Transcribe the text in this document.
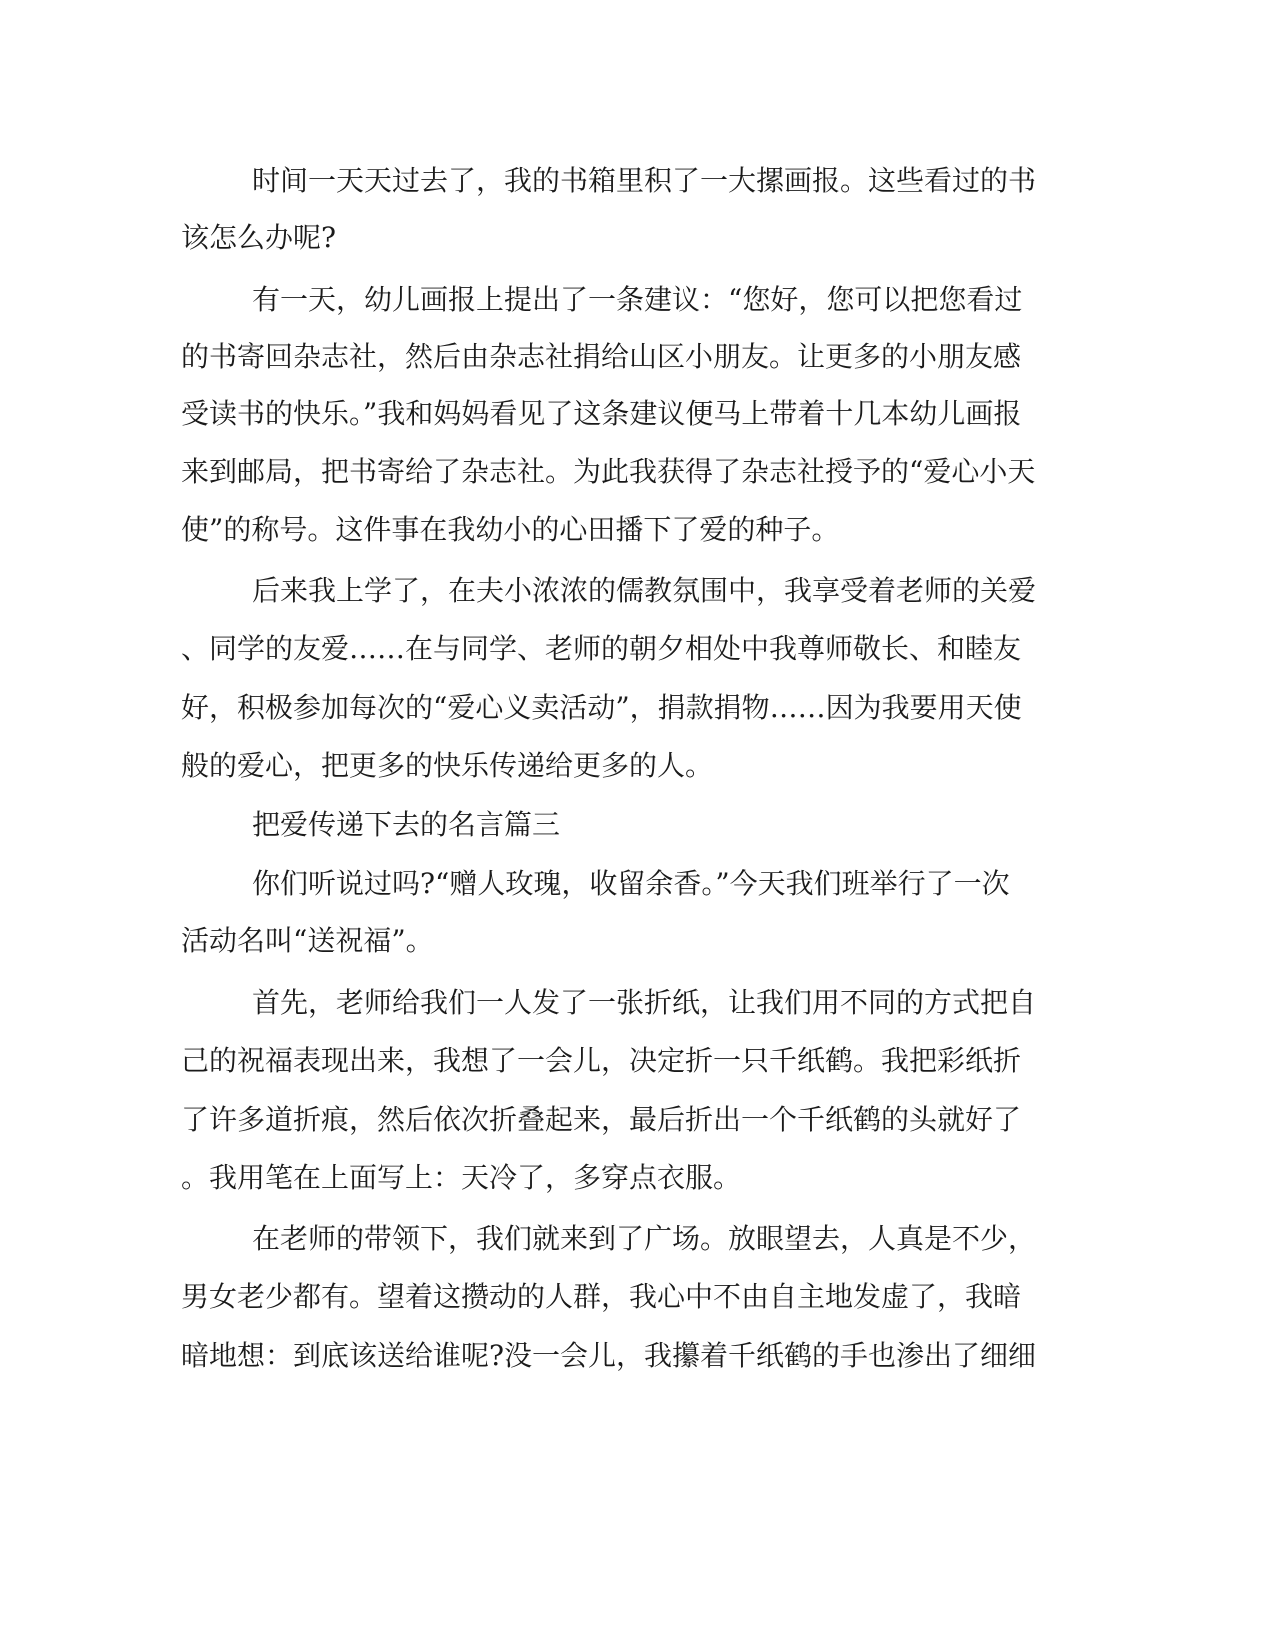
时间一天天过去了，我的书箱里积了一大摞画报。这些看过的书
该怎么办呢?
有一天，幼儿画报上提出了一条建议：“您好，您可以把您看过
的书寄回杂志社，然后由杂志社捐给山区小朋友。让更多的小朋友感
受读书的快乐。”我和妈妈看见了这条建议便马上带着十几本幼儿画报
来到邮局，把书寄给了杂志社。为此我获得了杂志社授予的“爱心小天
使”的称号。这件事在我幼小的心田播下了爱的种子。
后来我上学了，在夫小浓浓的儒教氛围中，我享受着老师的关爱
、同学的友爱……在与同学、老师的朝夕相处中我尊师敬长、和睦友
好，积极参加每次的“爱心义卖活动”，捐款捐物……因为我要用天使
般的爱心，把更多的快乐传递给更多的人。
把爱传递下去的名言篇三
你们听说过吗?“赠人玫瑰，收留余香。”今天我们班举行了一次
活动名叫“送祝福”。
首先，老师给我们一人发了一张折纸，让我们用不同的方式把自
己的祝福表现出来，我想了一会儿，决定折一只千纸鹤。我把彩纸折
了许多道折痕，然后依次折叠起来，最后折出一个千纸鹤的头就好了
。我用笔在上面写上：天冷了，多穿点衣服。
在老师的带领下，我们就来到了广场。放眼望去，人真是不少，
男女老少都有。望着这攒动的人群，我心中不由自主地发虚了，我暗
暗地想：到底该送给谁呢?没一会儿，我攥着千纸鹤的手也渗出了细细
